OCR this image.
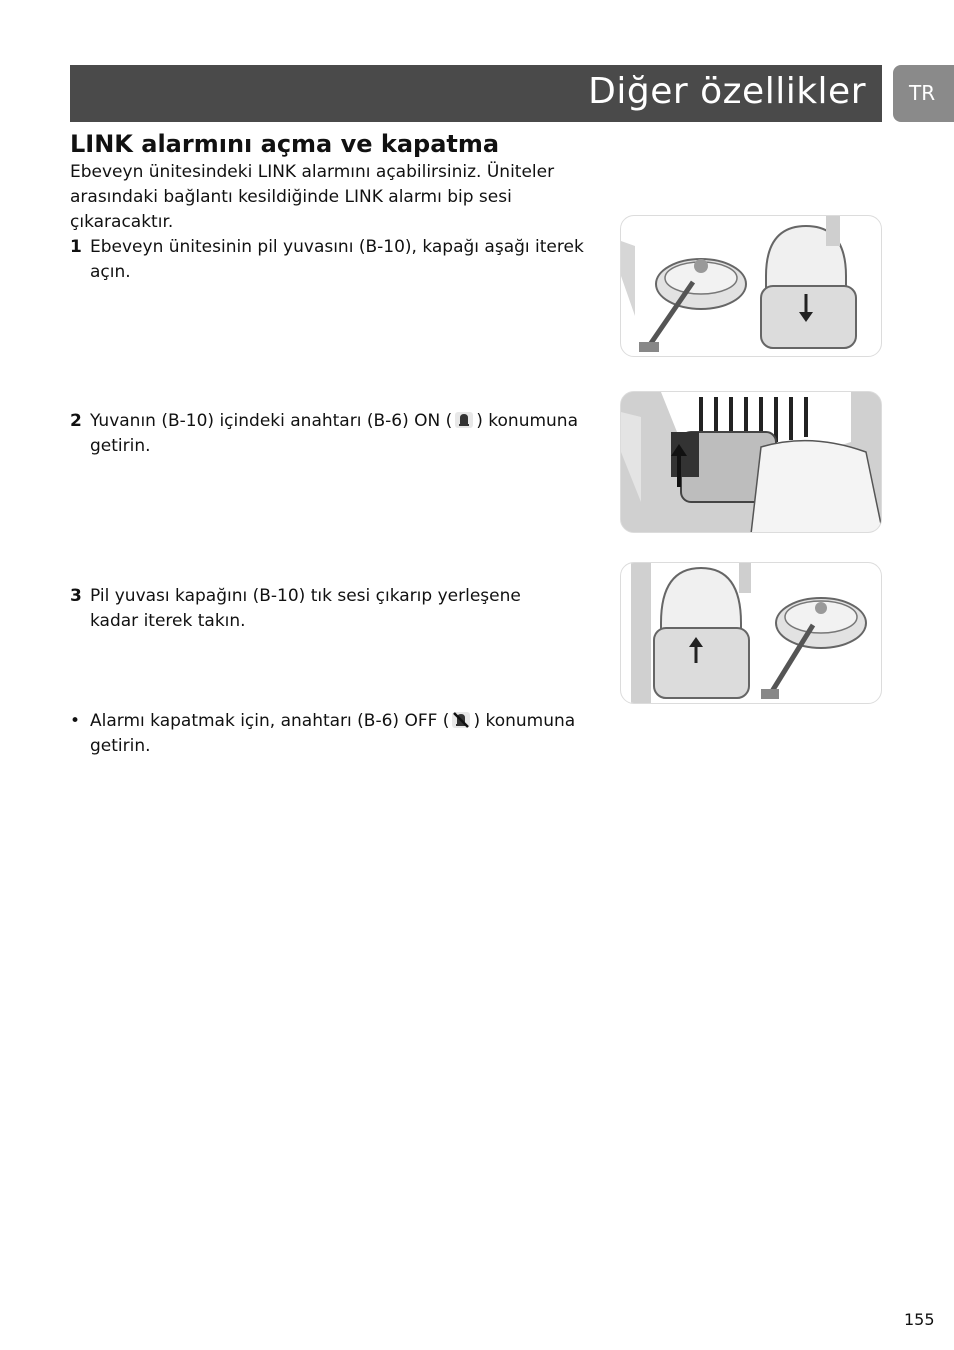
Diğer özellikler TR
LINK alarmını açma ve kapatma

Ebeveyn ünitesindeki LINK alarmını açabilirsiniz. Üniteler arasındaki bağlantı kesildiğinde LINK alarmı bip sesi çıkaracaktır.

1 Ebeveyn ünitesinin pil yuvasını (B-10), kapağı aşağı iterek açın.
2 Yuvanın (B-10) içindeki anahtarı (B-6) ON ( ) konumuna getirin.
3 Pil yuvası kapağını (B-10) tık sesi çıkarıp yerleşene kadar iterek takın.
• Alarmı kapatmak için, anahtarı (B-6) OFF ( ) konumuna getirin.
155
